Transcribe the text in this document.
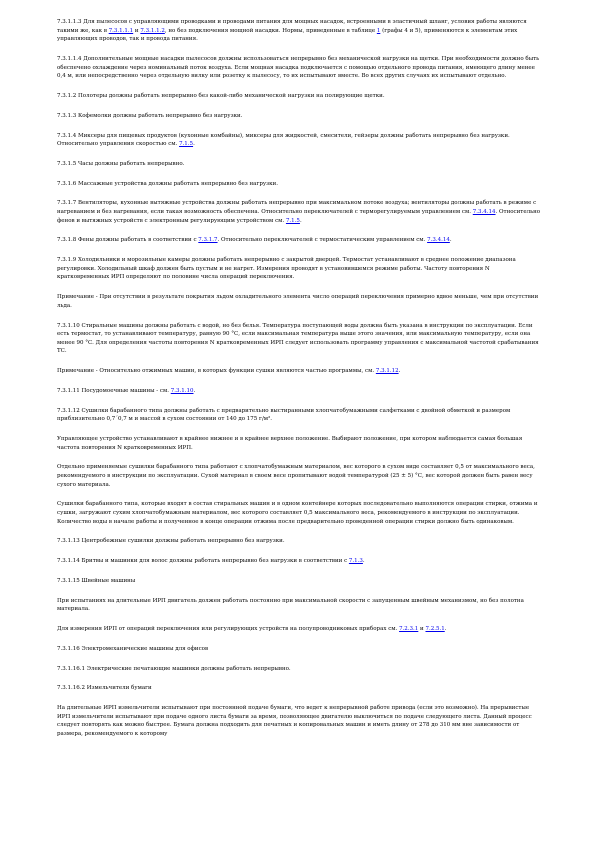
7.3.1.1.3 Для пылесосов с управляющими проводками и проводами питания для мощных насадок, встроенными в эластичный шланг, условия работы являются такими же, как в 7.3.1.1.1 и 7.3.1.1.2, но без подключения мощной насадки. Нормы, приведенные в таблице 1 (графы 4 и 5), применяются к элементам этих управляющих проводов, так и провода питания.

7.3.1.1.4 Дополнительные мощные насадки пылесосов должны использоваться непрерывно без механической нагрузки на щетки. При необходимости должно быть обеспечено охлаждение через номинальный поток воздуха. Если мощная насадка подключается с помощью отдельного провода питания, имеющего длину менее 0,4 м, или непосредственно через отдельную вилку или розетку к пылесосу, то их испытывают вместе. Во всех других случаях их испытывают отдельно.

7.3.1.2 Полотеры должны работать непрерывно без какой-либо механической нагрузки на полирующие щетки.

7.3.1.3 Кофемолки должны работать непрерывно без нагрузки.

7.3.1.4 Миксеры для пищевых продуктов (кухонные комбайны), миксеры для жидкостей, смесители, гейзеры должны работать непрерывно без нагрузки. Относительно управления скоростью см. 7.1.5.

7.3.1.5 Часы должны работать непрерывно.

7.3.1.6 Массажные устройства должны работать непрерывно без нагрузки.

7.3.1.7 Вентиляторы, кухонные вытяжные устройства должны работать непрерывно при максимальном потоке воздуха; вентиляторы должны работать в режиме с нагреванием и без нагревания, если такая возможность обеспечена. Относительно переключателей с терморегулируемым управлением см. 7.3.4.14. Относительно фенов и вытяжных устройств с электронным регулирующим устройством см. 7.1.5.

7.3.1.8 Фены должны работать в соответствии с 7.3.1.7. Относительно переключателей с термостатическим управлением см. 7.3.4.14.

7.3.1.9 Холодильники и морозильные камеры должны работать непрерывно с закрытой дверцей. Термостат устанавливают в среднее положение диапазона регулировки. Холодильный шкаф должен быть пустым и не нагрет. Измерения проводят в установившемся режиме работы. Частоту повторения N кратковременных ИРП определяют по половине числа операций переключения.

Примечание - При отсутствии в результате покрытия льдом охладительного элемента число операций переключения примерно вдвое меньше, чем при отсутствии льда.

7.3.1.10 Стиральные машины должны работать с водой, но без белья. Температура поступающей воды должна быть указана в инструкции по эксплуатации. Если есть термостат, то устанавливают температуру, равную 90 °С, если максимальная температура выше этого значения, или максимальную температуру, если она менее 90 °С. Для определения частоты повторения N кратковременных ИРП следует использовать программу управления с максимальной частотой срабатывания ТС.

Примечание - Относительно отжимных машин, в которых функции сушки являются частью программы, см. 7.3.1.12.

7.3.1.11 Посудомоечные машины - см. 7.3.1.10.

7.3.1.12 Сушилки барабанного типа должны работать с предварительно выстиранными хлопчатобумажными салфетками с двойной обметкой и размером приблизительно 0,7´0,7 м и массой в сухом состоянии от 140 до 175 г/м².

Управляющее устройство устанавливают в крайнее нижнее и в крайнее верхнее положение. Выбирают положение, при котором наблюдается самая большая частота повторения N кратковременных ИРП.

Отдельно применяемые сушилки барабанного типа работают с хлопчатобумажным материалом, вес которого в сухом виде составляет 0,5 от максимального веса, рекомендуемого в инструкции по эксплуатации. Сухой материал в своем весе пропитывают водой температурой (25 ± 5) °С, вес которой должен быть равен весу сухого материала.

Сушилки барабанного типа, которые входят в состав стиральных машин и в одном контейнере которых последовательно выполняются операции стирки, отжима и сушки, загружают сухим хлопчатобумажным материалом, вес которого составляет 0,5 максимального веса, рекомендуемого в инструкции по эксплуатации. Количество воды в начале работы и полученное в конце операции отжима после предварительно проведенной операции стирки должно быть одинаковым.

7.3.1.13 Центробежные сушилки должны работать непрерывно без нагрузки.

7.3.1.14 Бритвы и машинки для волос должны работать непрерывно без нагрузки в соответствии с 7.1.3.

7.3.1.15 Швейные машины

При испытаниях на длительные ИРП двигатель должен работать постоянно при максимальной скорости с запущенным швейным механизмом, но без полотна материала.

Для измерения ИРП от операций переключения или регулирующих устройств на полупроводниковых приборах см. 7.2.3.1 и 7.2.5.1.

7.3.1.16 Электромеханические машины для офисов

7.3.1.16.1 Электрические печатающие машинки должны работать непрерывно.

7.3.1.16.2 Измельчители бумаги

На длительные ИРП измельчители испытывают при постоянной подаче бумаги, что ведет к непрерывной работе привода (если это возможно). На прерывистые ИРП измельчители испытывают при подаче одного листа бумаги за время, позволяющее двигателю выключиться по подаче следующего листа. Данный процесс следует повторять как можно быстрее. Бумага должна подходить для печатных и копировальных машин и иметь длину от 278 до 310 мм вне зависимости от размера, рекомендуемого к которому
